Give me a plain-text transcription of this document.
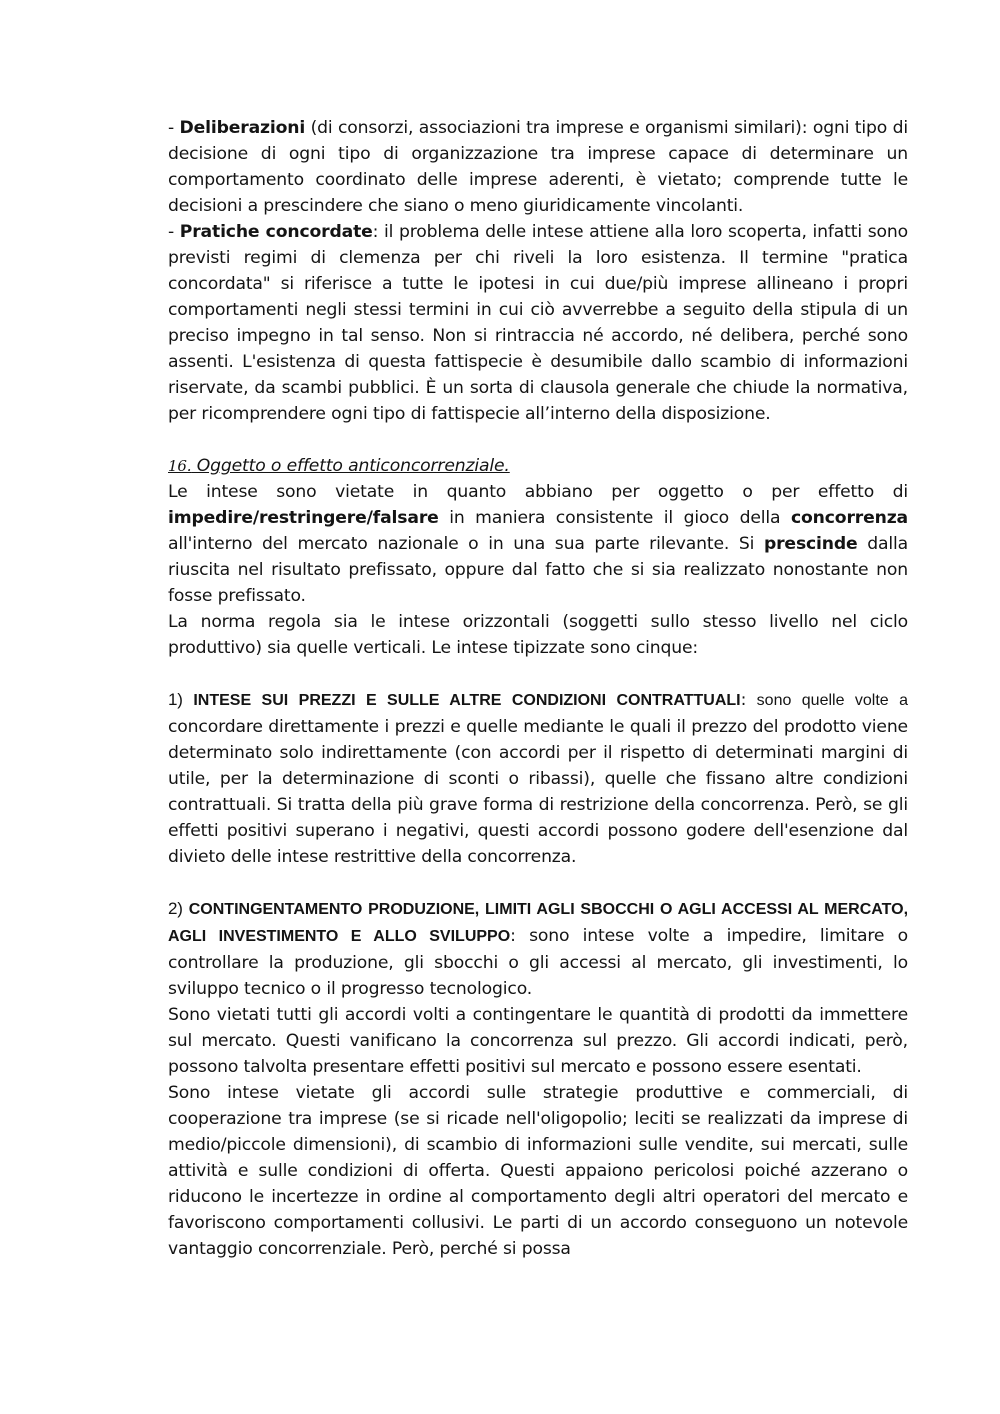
- Deliberazioni (di consorzi, associazioni tra imprese e organismi similari): ogni tipo di decisione di ogni tipo di organizzazione tra imprese capace di determinare un comportamento coordinato delle imprese aderenti, è vietato; comprende tutte le decisioni a prescindere che siano o meno giuridicamente vincolanti.

- Pratiche concordate: il problema delle intese attiene alla loro scoperta, infatti sono previsti regimi di clemenza per chi riveli la loro esistenza. Il termine "pratica concordata" si riferisce a tutte le ipotesi in cui due/più imprese allineano i propri comportamenti negli stessi termini in cui ciò avverrebbe a seguito della stipula di un preciso impegno in tal senso. Non si rintraccia né accordo, né delibera, perché sono assenti. L'esistenza di questa fattispecie è desumibile dallo scambio di informazioni riservate, da scambi pubblici. È un sorta di clausola generale che chiude la normativa, per ricomprendere ogni tipo di fattispecie all’interno della disposizione.

16. Oggetto o effetto anticoncorrenziale.

Le intese sono vietate in quanto abbiano per oggetto o per effetto di impedire/restringere/falsare in maniera consistente il gioco della concorrenza all'interno del mercato nazionale o in una sua parte rilevante. Si prescinde dalla riuscita nel risultato prefissato, oppure dal fatto che si sia realizzato nonostante non fosse prefissato.

La norma regola sia le intese orizzontali (soggetti sullo stesso livello nel ciclo produttivo) sia quelle verticali. Le intese tipizzate sono cinque:

1) INTESE SUI PREZZI E SULLE ALTRE CONDIZIONI CONTRATTUALI: sono quelle volte a concordare direttamente i prezzi e quelle mediante le quali il prezzo del prodotto viene determinato solo indirettamente (con accordi per il rispetto di determinati margini di utile, per la determinazione di sconti o ribassi), quelle che fissano altre condizioni contrattuali. Si tratta della più grave forma di restrizione della concorrenza. Però, se gli effetti positivi superano i negativi, questi accordi possono godere dell'esenzione dal divieto delle intese restrittive della concorrenza.

2) CONTINGENTAMENTO PRODUZIONE, LIMITI AGLI SBOCCHI O AGLI ACCESSI AL MERCATO, AGLI INVESTIMENTO E ALLO SVILUPPO: sono intese volte a impedire, limitare o controllare la produzione, gli sbocchi o gli accessi al mercato, gli investimenti, lo sviluppo tecnico o il progresso tecnologico.

Sono vietati tutti gli accordi volti a contingentare le quantità di prodotti da immettere sul mercato. Questi vanificano la concorrenza sul prezzo. Gli accordi indicati, però, possono talvolta presentare effetti positivi sul mercato e possono essere esentati.

Sono intese vietate gli accordi sulle strategie produttive e commerciali, di cooperazione tra imprese (se si ricade nell'oligopolio; leciti se realizzati da imprese di medio/piccole dimensioni), di scambio di informazioni sulle vendite, sui mercati, sulle attività e sulle condizioni di offerta. Questi appaiono pericolosi poiché azzerano o riducono le incertezze in ordine al comportamento degli altri operatori del mercato e favoriscono comportamenti collusivi. Le parti di un accordo conseguono un notevole vantaggio concorrenziale. Però, perché si possa
